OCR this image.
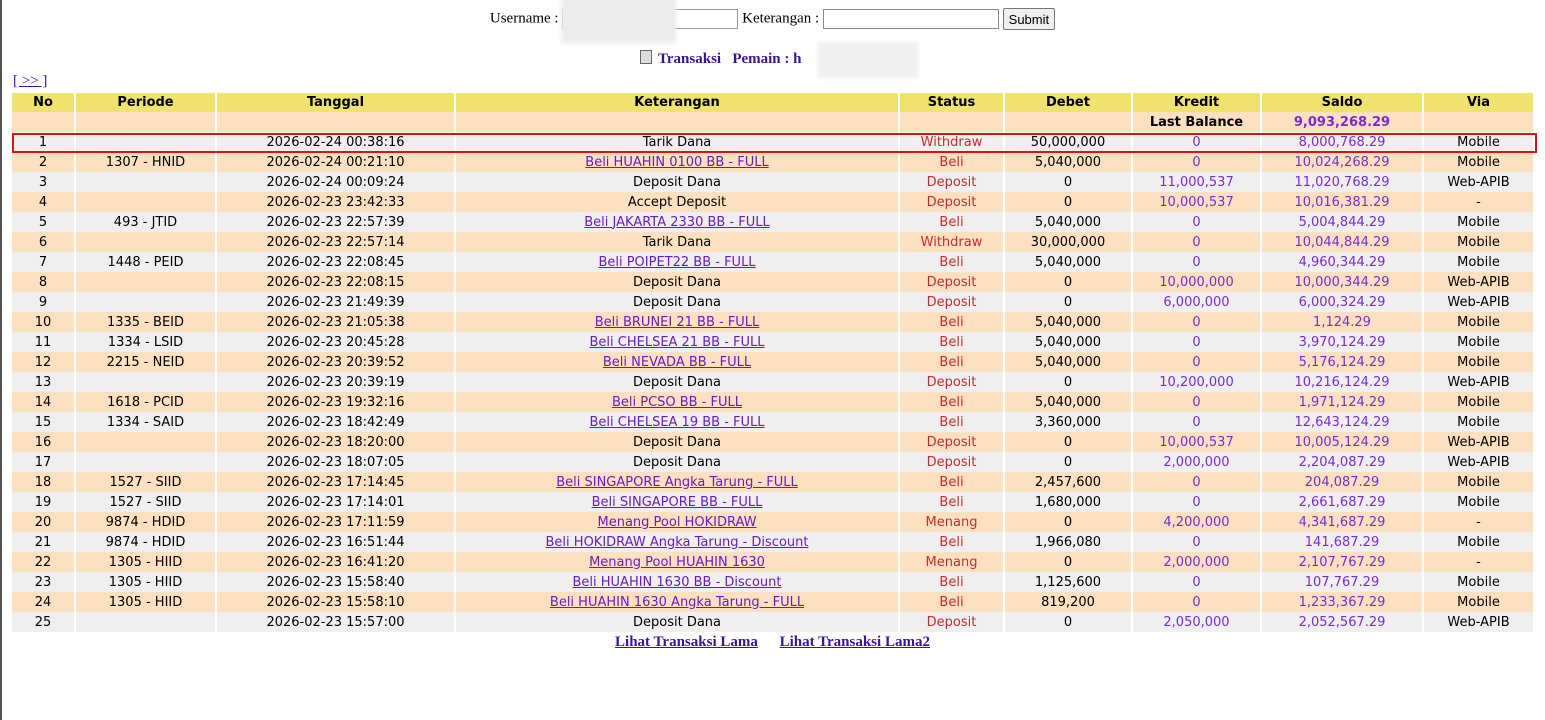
Username :	Keterangan :	Submit
Transaksi Pemain : h
[ >> ]
No	Periode	Tanggal	Keterangan	Status	Debet	Kredit	Saldo	Via
						Last Balance	9,093,268.29	
1		2026-02-24 00:38:16	Tarik Dana	Withdraw	50,000,000	0	8,000,768.29	Mobile
2	1307 - HNID	2026-02-24 00:21:10	Beli HUAHIN 0100 BB - FULL	Beli	5,040,000	0	10,024,268.29	Mobile
3		2026-02-24 00:09:24	Deposit Dana	Deposit	0	11,000,537	11,020,768.29	Web-APIB
4		2026-02-23 23:42:33	Accept Deposit	Deposit	0	10,000,537	10,016,381.29	-
5	493 - JTID	2026-02-23 22:57:39	Beli JAKARTA 2330 BB - FULL	Beli	5,040,000	0	5,004,844.29	Mobile
6		2026-02-23 22:57:14	Tarik Dana	Withdraw	30,000,000	0	10,044,844.29	Mobile
7	1448 - PEID	2026-02-23 22:08:45	Beli POIPET22 BB - FULL	Beli	5,040,000	0	4,960,344.29	Mobile
8		2026-02-23 22:08:15	Deposit Dana	Deposit	0	10,000,000	10,000,344.29	Web-APIB
9		2026-02-23 21:49:39	Deposit Dana	Deposit	0	6,000,000	6,000,324.29	Web-APIB
10	1335 - BEID	2026-02-23 21:05:38	Beli BRUNEI 21 BB - FULL	Beli	5,040,000	0	1,124.29	Mobile
11	1334 - LSID	2026-02-23 20:45:28	Beli CHELSEA 21 BB - FULL	Beli	5,040,000	0	3,970,124.29	Mobile
12	2215 - NEID	2026-02-23 20:39:52	Beli NEVADA BB - FULL	Beli	5,040,000	0	5,176,124.29	Mobile
13		2026-02-23 20:39:19	Deposit Dana	Deposit	0	10,200,000	10,216,124.29	Web-APIB
14	1618 - PCID	2026-02-23 19:32:16	Beli PCSO BB - FULL	Beli	5,040,000	0	1,971,124.29	Mobile
15	1334 - SAID	2026-02-23 18:42:49	Beli CHELSEA 19 BB - FULL	Beli	3,360,000	0	12,643,124.29	Mobile
16		2026-02-23 18:20:00	Deposit Dana	Deposit	0	10,000,537	10,005,124.29	Web-APIB
17		2026-02-23 18:07:05	Deposit Dana	Deposit	0	2,000,000	2,204,087.29	Web-APIB
18	1527 - SIID	2026-02-23 17:14:45	Beli SINGAPORE Angka Tarung - FULL	Beli	2,457,600	0	204,087.29	Mobile
19	1527 - SIID	2026-02-23 17:14:01	Beli SINGAPORE BB - FULL	Beli	1,680,000	0	2,661,687.29	Mobile
20	9874 - HDID	2026-02-23 17:11:59	Menang Pool HOKIDRAW	Menang	0	4,200,000	4,341,687.29	-
21	9874 - HDID	2026-02-23 16:51:44	Beli HOKIDRAW Angka Tarung - Discount	Beli	1,966,080	0	141,687.29	Mobile
22	1305 - HIID	2026-02-23 16:41:20	Menang Pool HUAHIN 1630	Menang	0	2,000,000	2,107,767.29	-
23	1305 - HIID	2026-02-23 15:58:40	Beli HUAHIN 1630 BB - Discount	Beli	1,125,600	0	107,767.29	Mobile
24	1305 - HIID	2026-02-23 15:58:10	Beli HUAHIN 1630 Angka Tarung - FULL	Beli	819,200	0	1,233,367.29	Mobile
25		2026-02-23 15:57:00	Deposit Dana	Deposit	0	2,050,000	2,052,567.29	Web-APIB
Lihat Transaksi Lama Lihat Transaksi Lama2
